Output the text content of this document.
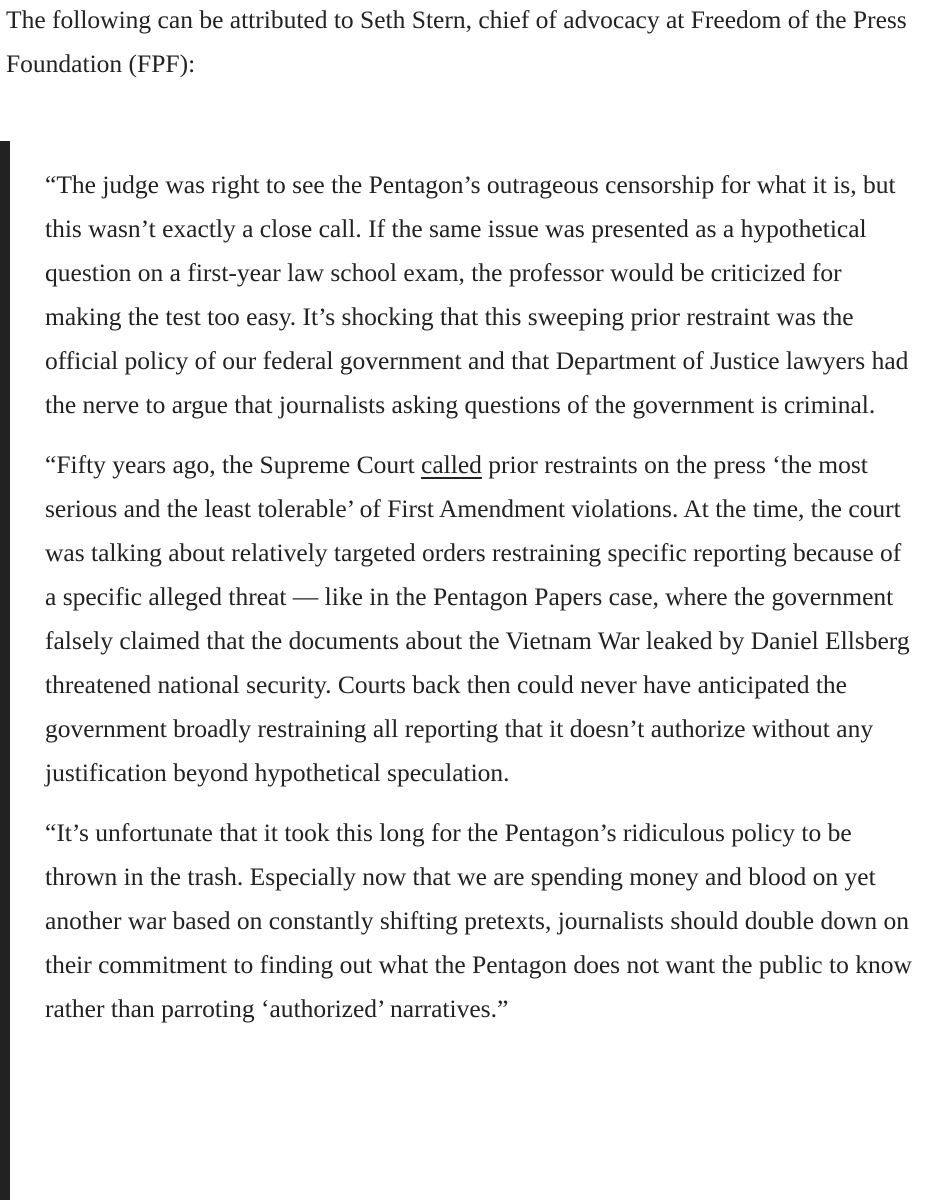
The following can be attributed to Seth Stern, chief of advocacy at Freedom of the Press Foundation (FPF):

“The judge was right to see the Pentagon’s outrageous censorship for what it is, but this wasn’t exactly a close call. If the same issue was presented as a hypothetical question on a first-year law school exam, the professor would be criticized for making the test too easy. It’s shocking that this sweeping prior restraint was the official policy of our federal government and that Department of Justice lawyers had the nerve to argue that journalists asking questions of the government is criminal.

“Fifty years ago, the Supreme Court called prior restraints on the press ‘the most serious and the least tolerable’ of First Amendment violations. At the time, the court was talking about relatively targeted orders restraining specific reporting because of a specific alleged threat — like in the Pentagon Papers case, where the government falsely claimed that the documents about the Vietnam War leaked by Daniel Ellsberg threatened national security. Courts back then could never have anticipated the government broadly restraining all reporting that it doesn’t authorize without any justification beyond hypothetical speculation.

“It’s unfortunate that it took this long for the Pentagon’s ridiculous policy to be thrown in the trash. Especially now that we are spending money and blood on yet another war based on constantly shifting pretexts, journalists should double down on their commitment to finding out what the Pentagon does not want the public to know rather than parroting ‘authorized’ narratives.”
